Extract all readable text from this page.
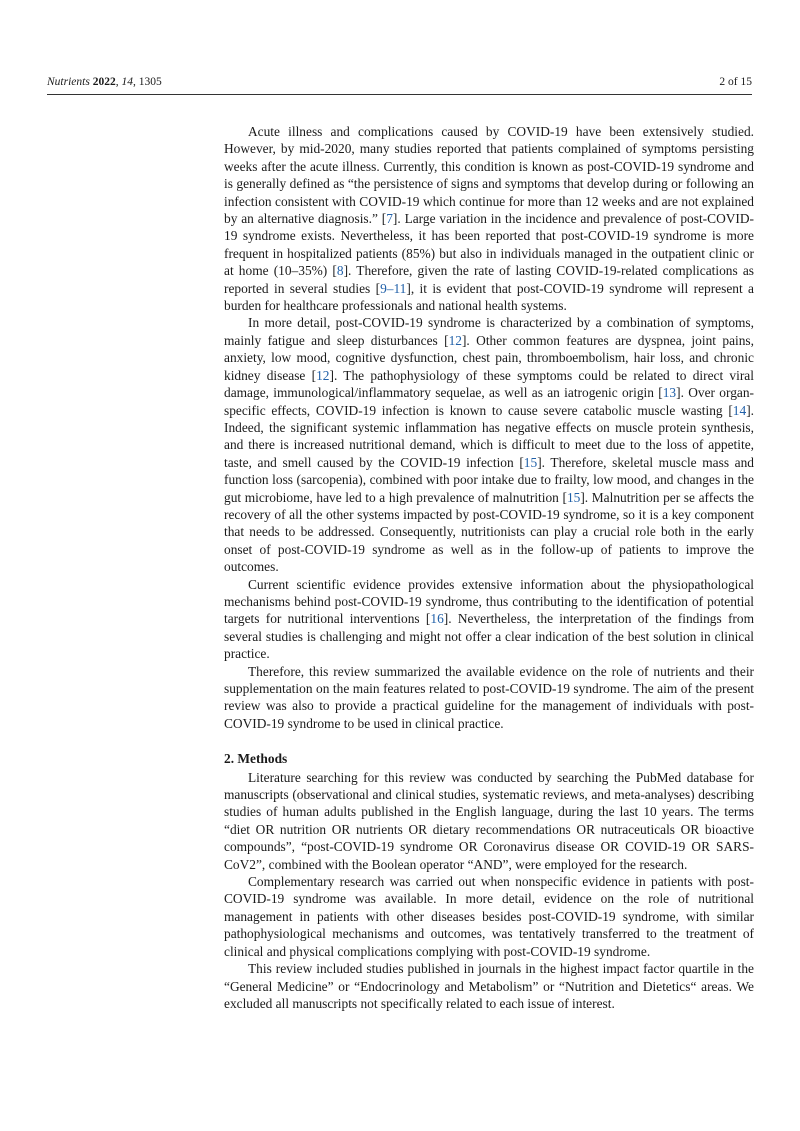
Nutrients 2022, 14, 1305	2 of 15

Acute illness and complications caused by COVID-19 have been extensively studied. However, by mid-2020, many studies reported that patients complained of symptoms persisting weeks after the acute illness. Currently, this condition is known as post-COVID-19 syndrome and is generally defined as “the persistence of signs and symptoms that develop during or following an infection consistent with COVID-19 which continue for more than 12 weeks and are not explained by an alternative diagnosis.” [7]. Large variation in the incidence and prevalence of post-COVID-19 syndrome exists. Nevertheless, it has been reported that post-COVID-19 syndrome is more frequent in hospitalized patients (85%) but also in individuals managed in the outpatient clinic or at home (10–35%) [8]. Therefore, given the rate of lasting COVID-19-related complications as reported in several studies [9–11], it is evident that post-COVID-19 syndrome will represent a burden for healthcare professionals and national health systems.

In more detail, post-COVID-19 syndrome is characterized by a combination of symptoms, mainly fatigue and sleep disturbances [12]. Other common features are dyspnea, joint pains, anxiety, low mood, cognitive dysfunction, chest pain, thromboembolism, hair loss, and chronic kidney disease [12]. The pathophysiology of these symptoms could be related to direct viral damage, immunological/inflammatory sequelae, as well as an iatrogenic origin [13]. Over organ-specific effects, COVID-19 infection is known to cause severe catabolic muscle wasting [14]. Indeed, the significant systemic inflammation has negative effects on muscle protein synthesis, and there is increased nutritional demand, which is difficult to meet due to the loss of appetite, taste, and smell caused by the COVID-19 infection [15]. Therefore, skeletal muscle mass and function loss (sarcopenia), combined with poor intake due to frailty, low mood, and changes in the gut microbiome, have led to a high prevalence of malnutrition [15]. Malnutrition per se affects the recovery of all the other systems impacted by post-COVID-19 syndrome, so it is a key component that needs to be addressed. Consequently, nutritionists can play a crucial role both in the early onset of post-COVID-19 syndrome as well as in the follow-up of patients to improve the outcomes.

Current scientific evidence provides extensive information about the physiopathological mechanisms behind post-COVID-19 syndrome, thus contributing to the identification of potential targets for nutritional interventions [16]. Nevertheless, the interpretation of the findings from several studies is challenging and might not offer a clear indication of the best solution in clinical practice.

Therefore, this review summarized the available evidence on the role of nutrients and their supplementation on the main features related to post-COVID-19 syndrome. The aim of the present review was also to provide a practical guideline for the management of individuals with post-COVID-19 syndrome to be used in clinical practice.

2. Methods

Literature searching for this review was conducted by searching the PubMed database for manuscripts (observational and clinical studies, systematic reviews, and meta-analyses) describing studies of human adults published in the English language, during the last 10 years. The terms “diet OR nutrition OR nutrients OR dietary recommendations OR nutraceuticals OR bioactive compounds”, “post-COVID-19 syndrome OR Coronavirus disease OR COVID-19 OR SARS-CoV2”, combined with the Boolean operator “AND”, were employed for the research.

Complementary research was carried out when nonspecific evidence in patients with post-COVID-19 syndrome was available. In more detail, evidence on the role of nutritional management in patients with other diseases besides post-COVID-19 syndrome, with similar pathophysiological mechanisms and outcomes, was tentatively transferred to the treatment of clinical and physical complications complying with post-COVID-19 syndrome.

This review included studies published in journals in the highest impact factor quartile in the “General Medicine” or “Endocrinology and Metabolism” or “Nutrition and Dietetics“ areas. We excluded all manuscripts not specifically related to each issue of interest.
